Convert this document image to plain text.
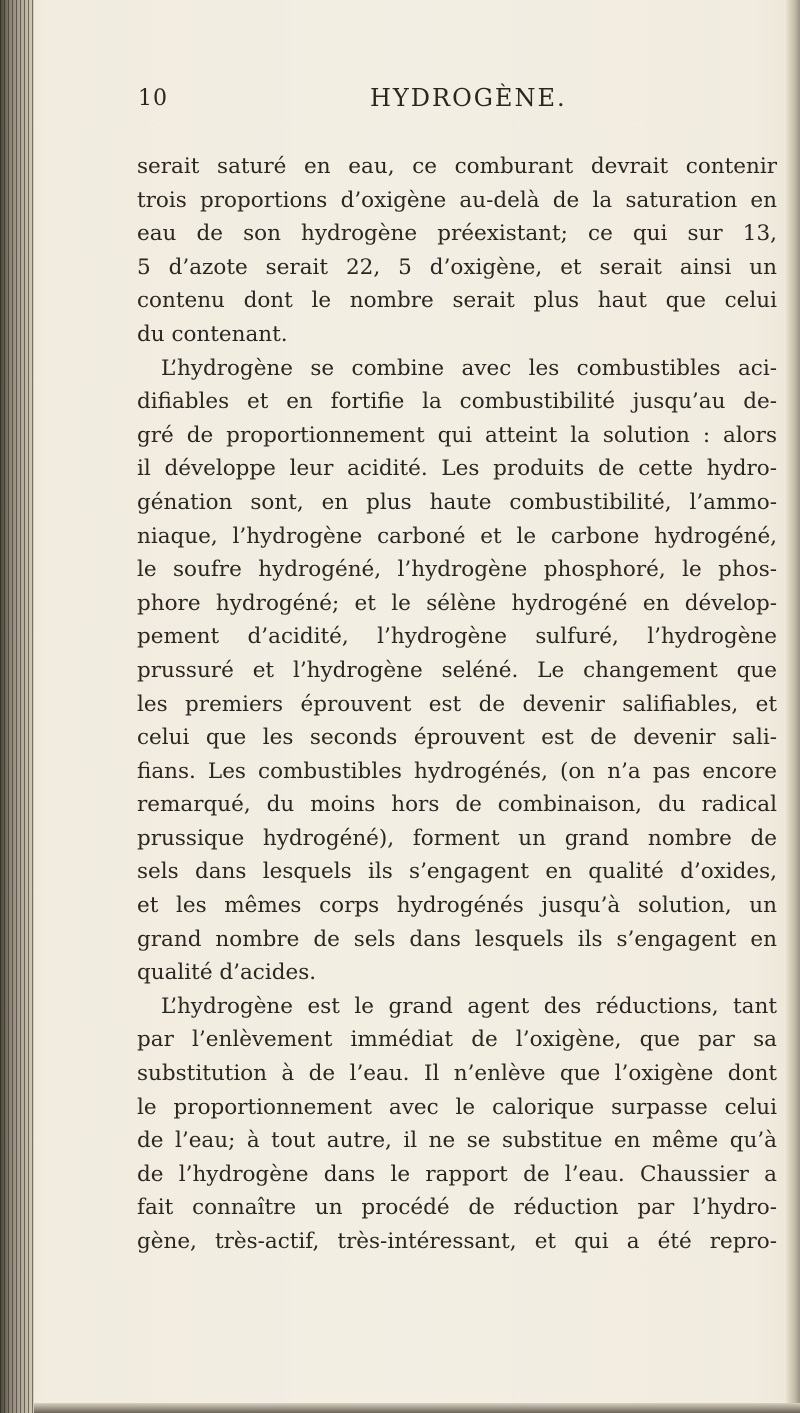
10	HYDROGÈNE.
serait saturé en eau, ce comburant devrait contenir
trois proportions d’oxigène au-delà de la saturation en
eau de son hydrogène préexistant; ce qui sur 13,
5 d’azote serait 22, 5 d’oxigène, et serait ainsi un
contenu dont le nombre serait plus haut que celui
du contenant.
L’hydrogène se combine avec les combustibles aci-
difiables et en fortifie la combustibilité jusqu’au de-
gré de proportionnement qui atteint la solution : alors
il développe leur acidité. Les produits de cette hydro-
génation sont, en plus haute combustibilité, l’ammo-
niaque, l’hydrogène carboné et le carbone hydrogéné,
le soufre hydrogéné, l’hydrogène phosphoré, le phos-
phore hydrogéné; et le sélène hydrogéné en dévelop-
pement d’acidité, l’hydrogène sulfuré, l’hydrogène
prussuré et l’hydrogène seléné. Le changement que
les premiers éprouvent est de devenir salifiables, et
celui que les seconds éprouvent est de devenir sali-
fians. Les combustibles hydrogénés, (on n’a pas encore
remarqué, du moins hors de combinaison, du radical
prussique hydrogéné), forment un grand nombre de
sels dans lesquels ils s’engagent en qualité d’oxides,
et les mêmes corps hydrogénés jusqu’à solution, un
grand nombre de sels dans lesquels ils s’engagent en
qualité d’acides.
L’hydrogène est le grand agent des réductions, tant
par l’enlèvement immédiat de l’oxigène, que par sa
substitution à de l’eau. Il n’enlève que l’oxigène dont
le proportionnement avec le calorique surpasse celui
de l’eau; à tout autre, il ne se substitue en même qu’à
de l’hydrogène dans le rapport de l’eau. Chaussier a
fait connaître un procédé de réduction par l’hydro-
gène, très-actif, très-intéressant, et qui a été repro-
